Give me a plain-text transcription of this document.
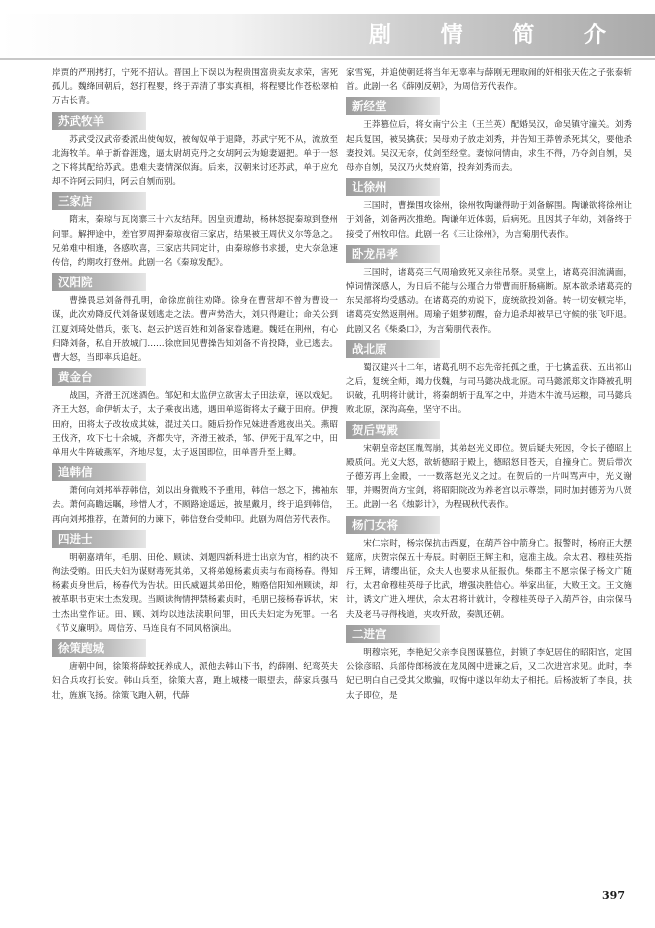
剧 情 简 介

岸贾的严刑拷打，宁死不招认。晋国上下误以为程贵围富贵卖友求荣，害死孤儿。魏绛回朝后，怒打程婴，终于弄清了事实真相，将程婴比作苍松翠柏万古长青。

苏武牧羊

苏武受汉武帝委派出使匈奴，被匈奴单于退降，苏武宁死不从，流放至北海牧羊。单于新眷涯逸，逼太尉胡克丹之女胡阿云为媳妻逼把。单于一怒之下将其配给苏武。患难夫妻情深似海。后来，汉朝来讨还苏武，单于应允却不许阿云同归，阿云自刎而别。

三家店

隋末，秦琼与瓦岗寨三十六友结拜。因皇贡遭劫，杨林怒捉秦琼到登州问罪。解押途中，差官罗周押秦琼夜宿三家店，结果被王周伏义尔等急之。兄弟难中相逢，各感吹喜，三家店共同定计，由秦琼修书求援，史大奈急速传信，约期攻打登州。此剧一名《秦琼发配》。

汉阳院

曹操畏忌刘备得孔明，命徐庶前往劝降。徐身在曹营却不曾为曹设一谋，此次劝降反代刘备谋划逃走之法。曹声势浩大，刘只得避让；命关公到江夏刘琦处借兵，张飞、赵云护送百姓和刘备家眷逃避。魏廷在荆州，有心归降刘备，私自开放城门……徐庶回见曹操告知刘备不肯投降，业已逃去。曹大怒，当即率兵追赶。

黄金台

战国，齐滑王沉迷酒色。邹妃和太监伊立欲害太子田法章，诬以戏妃。齐王大怒，命伊斩太子，太子乘夜出逃，遇田单巡街将太子藏于田府。伊搜田府，田将太子改妆成其妹，混过关口。随后扮作兄妹进香逃夜出关。燕昭王伐齐，攻下七十余城，齐都失守，齐滑王被杀，邹、伊死于乱军之中，田单用火牛阵破燕军，齐地尽复，太子返国即位，田单晋升至上卿。

追韩信

萧何向刘邦举荐韩信，刘以出身微贱不予重用，韩信一怒之下，拂袖东去。萧何高瞻远瞩，珍惜人才，不顾路途遥远，披星戴月，终于追到韩信，再向刘邦推荐，在萧何的力谏下，韩信登台受帅印。此剧为周信芳代表作。

四进士

明朝嘉靖年，毛朋、田伦、顾读、刘题四新科进士出京为官，相约决不徇法受贿。田氏夫妇为谋财毒死其弟，又将弟媳杨素贞卖与布商杨春。得知杨素贞身世后，杨春代为告状。田氏威逼其弟田伦，贿赂信阳知州顾读，却被革职书吏宋士杰发现。当顾读徇情押禁杨素贞时，毛朋已接杨春诉状，宋士杰出堂作证。田、顾、刘均以违法渎职问罪，田氏夫妇定为死罪。一名《节义廉明》。周信芳、马连良有不同风格演出。

徐策跑城

唐朝中间，徐策将薛蛟抚养成人，派他去韩山下书，约薛刚、纪鸾英夫妇合兵攻打长安。韩山兵至，徐策大喜，跑上城楼一眼望去，薛家兵强马壮，旌旗飞扬。徐策飞跑入朝，代薛

家雪冤，并追使朝廷将当年无辜率与薛刚无理取闹的奸相张天佐之子张泰斩首。此剧一名《薛刚反朝》，为周信芳代表作。

新经堂

王莽篡位后，将女南宁公主（王兰英）配婚吴汉，命吴镇守潼关。刘秀起兵复国，被吴擒获；吴母劝子放走刘秀，并告知王莽曾杀死其父，要他杀妻投刘。吴汉无奈，仗剑至经堂。妻惊问情由，求生不得，乃夺剑自刎，吴母亦自刎，吴汉乃火焚府第，投奔刘秀而去。

让徐州

三国时，曹操围攻徐州，徐州牧陶谦得助于刘备解围。陶谦欲将徐州让于刘备，刘备两次推绝。陶谦年近体弱，后病死。且因其子年幼，刘备终于接受了州牧印信。此剧一名《三让徐州》，为言菊朋代表作。

卧龙吊孝

三国时，诸葛亮三气周瑜致死又亲往吊祭。灵堂上，诸葛亮泪流满面，悼词情深感人，为日后不能与公瑾合力带曹而肝肠痛断。原本欲杀诸葛亮的东吴部将均受感动。在诸葛亮的劝说下，庞统欲投刘备。转一切安顿完毕，诸葛亮安然返荆州。周瑜子姐梦初醒，奋力追杀却被早已守候的张飞吓退。此剧又名《柴桑口》，为言菊朋代表作。

战北原

蜀汉建兴十二年，诸葛孔明不忘先帝托孤之重，于七擒孟获、五出祁山之后，复统全师，竭力伐魏，与司马懿决战北原。司马懿派郑文诈降被孔明识破，孔明将计就计，将秦朗斩于乱军之中，并造木牛流马运粮，司马懿兵败北原，深沟高垒，坚守不出。

贺后骂殿

宋朝皇帝赵匡胤驾崩，其弟赵光义即位。贺后疑夫死因，令长子德昭上殿质问。光义大怒，欲斩德昭于殿上，德昭怒目苍天，自撞身亡。贺后带次子德芳再上金殿，一一数落赵光义之过。在贺后的一片叫骂声中，光义谢罪，并赐贺尚方宝剑，将昭阳院改为养老宫以示尊崇，同时加封德芳为八贤王。此剧一名《烛影计》，为程砚秋代表作。

杨门女将

宋仁宗时，杨宗保抗击西夏，在葫芦谷中箭身亡。报警时，杨府正大摆筵席，庆贺宗保五十寿辰。时朝臣王辉主和，寇准主战。佘太君、穆桂英指斥王辉，请缨出征，众夫人也要求从征报仇。柴郡主不愿宗保子杨文广随行，太君命穆桂英母子比武，增强决胜信心。举家出征，大败王文。王文施计，诱文广进入埋伏，佘太君将计就计，令穆桂英母子入葫芦谷，由宗保马夫及老马寻得栈道，夹攻歼敌，奏凯还朝。

二进宫

明穆宗死，李艳妃父亲李良图谋篡位，封锁了李妃居住的昭阳宫，定国公徐彦昭、兵部侍郎杨波在龙凤阁中进谏之后，又二次进宫求见。此时，李妃已明白自己受其父欺骗，叹悔中遂以年幼太子相托。后杨波斩了李良，扶太子即位，是

397
